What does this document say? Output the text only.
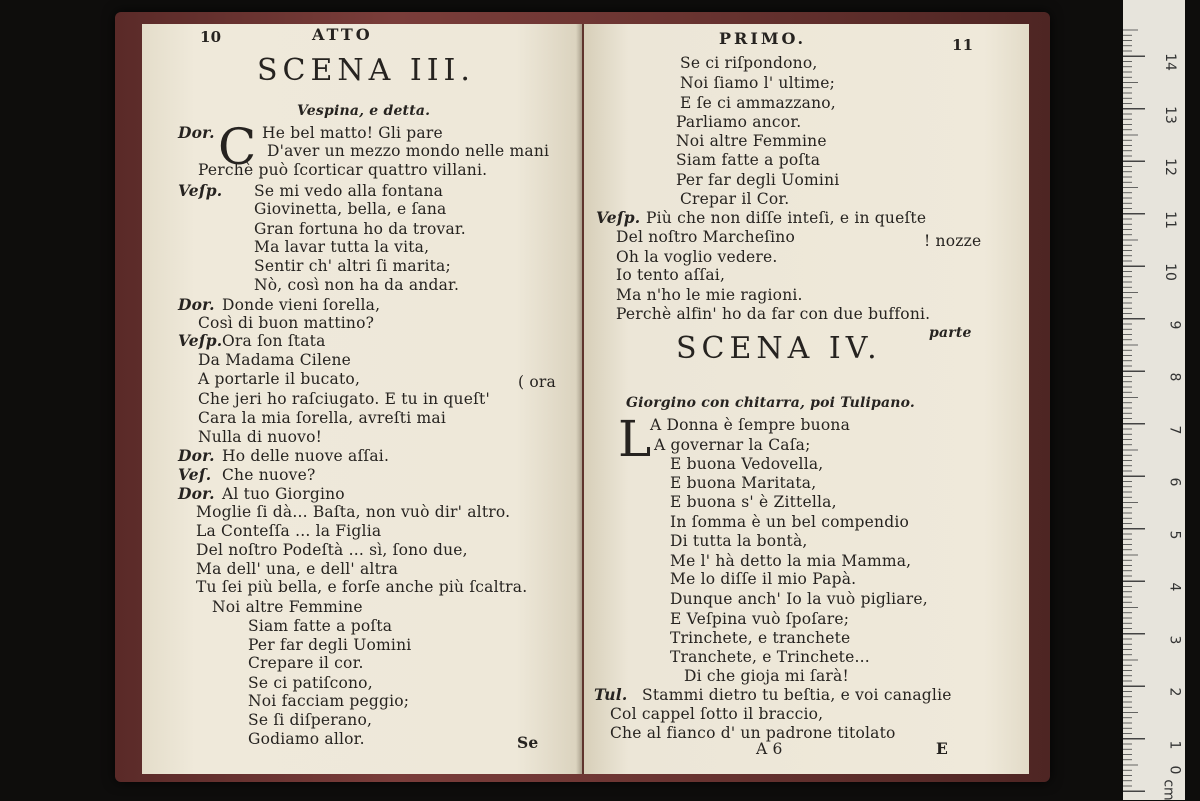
10	ATTO
SCENA III.
Vespina, e detta.
C
Dor.	He bel matto! Gli pare
D'aver un mezzo mondo nelle mani
Perchè può ſcorticar quattro villani.
Veſp. Se mi vedo alla fontana
Giovinetta, bella, e ſana
Gran fortuna ho da trovar.
Ma lavar tutta la vita,
Sentir ch' altri ſi marita;
Nò, così non ha da andar.
Dor. Donde vieni ſorella,
Così di buon mattino?
Veſp. Ora ſon ſtata
Da Madama Cilene
A portarle il bucato,	( ora
Che jeri ho raſciugato. E tu in queſt'
Cara la mia ſorella, avreſti mai
Nulla di nuovo!
Dor. Ho delle nuove aſſai.
Veſ. Che nuove?
Dor. Al tuo Giorgino
Moglie ſi dà... Baſta, non vuò dir' altro.
La Conteſſa ... la Figlia
Del noſtro Podeſtà ... sì, ſono due,
Ma dell' una, e dell' altra
Tu ſei più bella, e forſe anche più ſcaltra.
Noi altre Femmine
Siam fatte a poſta
Per far degli Uomini
Crepare il cor.
Se ci patiſcono,
Noi facciam peggio;
Se ſi diſperano,
Godiamo allor.	Se
PRIMO.	11
parte
SCENA IV.
Giorgino con chitarra, poi Tulipano.
L
Se ci riſpondono,
Noi ſiamo l' ultime;
E ſe ci ammazzano,
Parliamo ancor.
Noi altre Femmine
Siam fatte a poſta
Per far degli Uomini
Crepar il Cor.
Veſp. Più che non diſſe inteſi, e in queſte
Del noſtro Marcheſino	! nozze
Oh la voglio vedere.
Io tento aſſai,
Ma n'ho le mie ragioni.
Perchè alfin' ho da far con due buffoni.
A Donna è ſempre buona
A governar la Caſa;
E buona Vedovella,
E buona Maritata,
E buona s' è Zittella,
In ſomma è un bel compendio
Di tutta la bontà,
Me l' hà detto la mia Mamma,
Me lo diſſe il mio Papà.
Dunque anch' Io la vuò pigliare,
E Veſpina vuò ſpoſare;
Trinchete, e tranchete
Tranchete, e Trinchete...
Di che gioja mi ſarà!
Tul. Stammi dietro tu beſtia, e voi canaglie
Col cappel ſotto il braccio,
Che al fianco d' un padrone titolato
A 6	E
14
13
12
11
10
9
8
7
6
5
4
3
2
1
0
cm
